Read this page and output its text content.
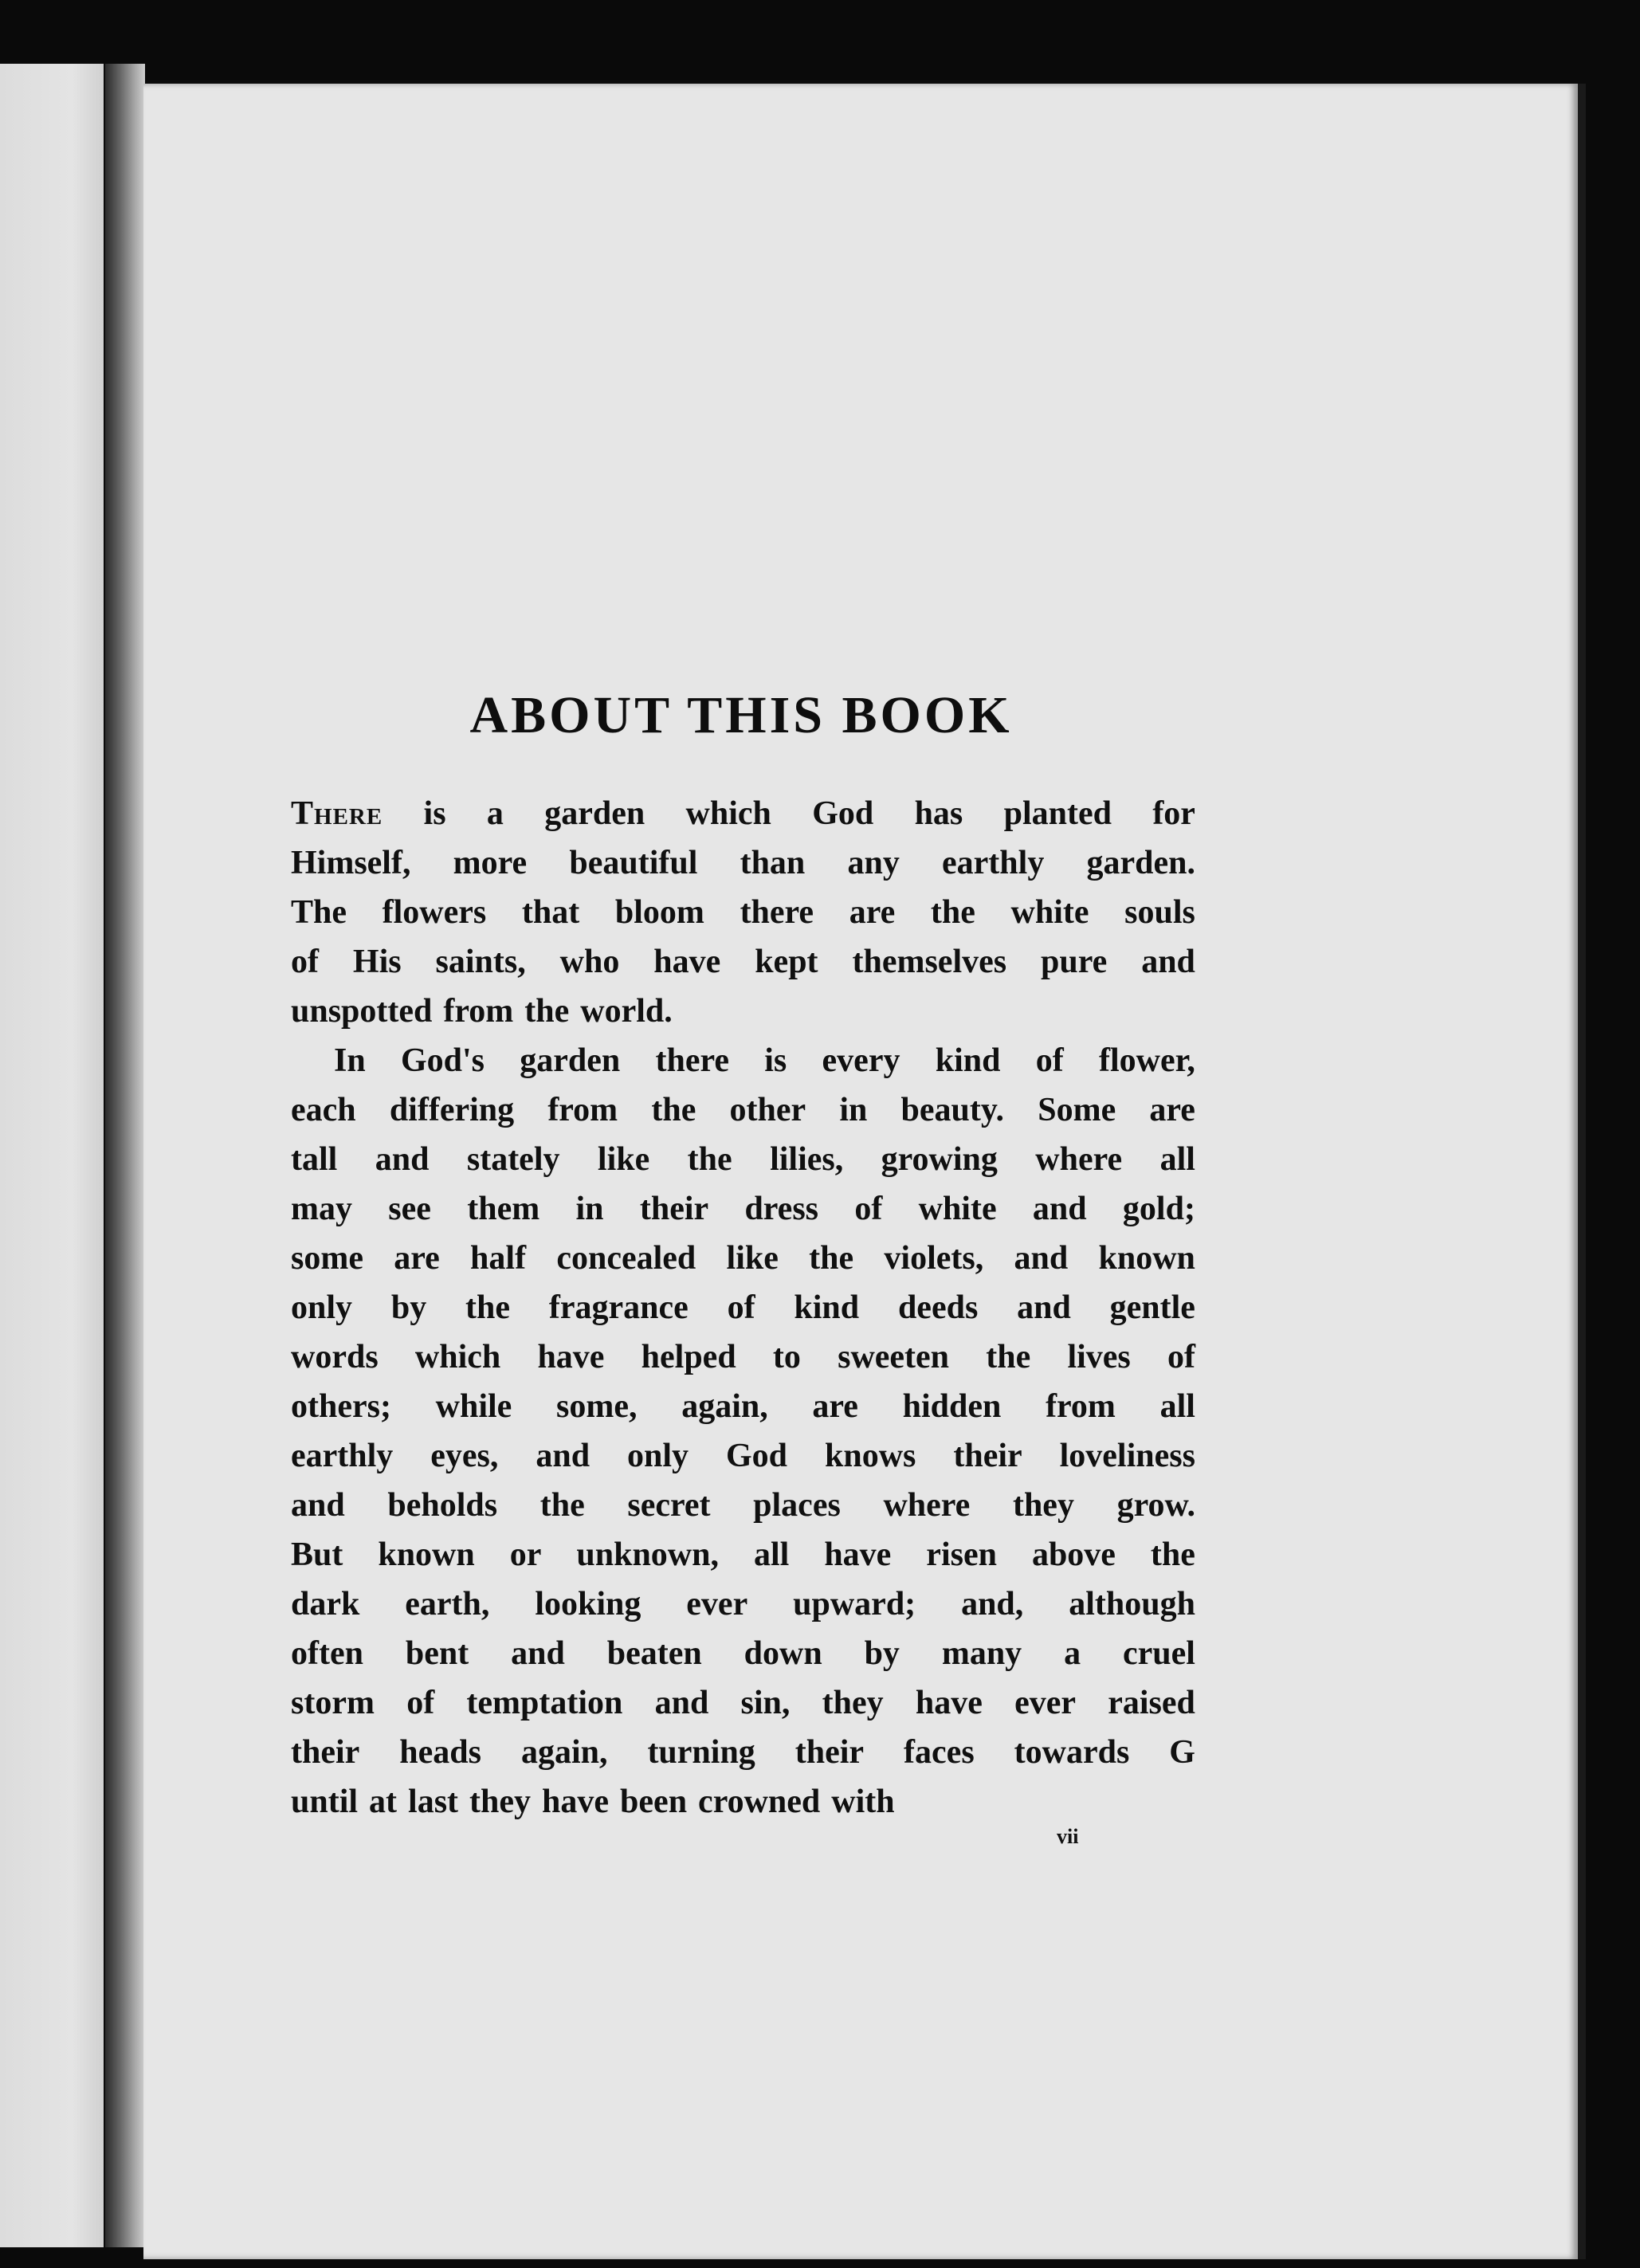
ABOUT THIS BOOK
There is a garden which God has planted for
Himself, more beautiful than any earthly garden.
The flowers that bloom there are the white souls
of His saints, who have kept themselves pure and
unspotted from the world.
In God's garden there is every kind of flower,
each differing from the other in beauty. Some are
tall and stately like the lilies, growing where all
may see them in their dress of white and gold;
some are half concealed like the violets, and known
only by the fragrance of kind deeds and gentle
words which have helped to sweeten the lives of
others; while some, again, are hidden from all
earthly eyes, and only God knows their loveliness
and beholds the secret places where they grow.
But known or unknown, all have risen above the
dark earth, looking ever upward; and, although
often bent and beaten down by many a cruel
storm of temptation and sin, they have ever raised
their heads again, turning their faces towards G
until at last they have been crowned with
vii
